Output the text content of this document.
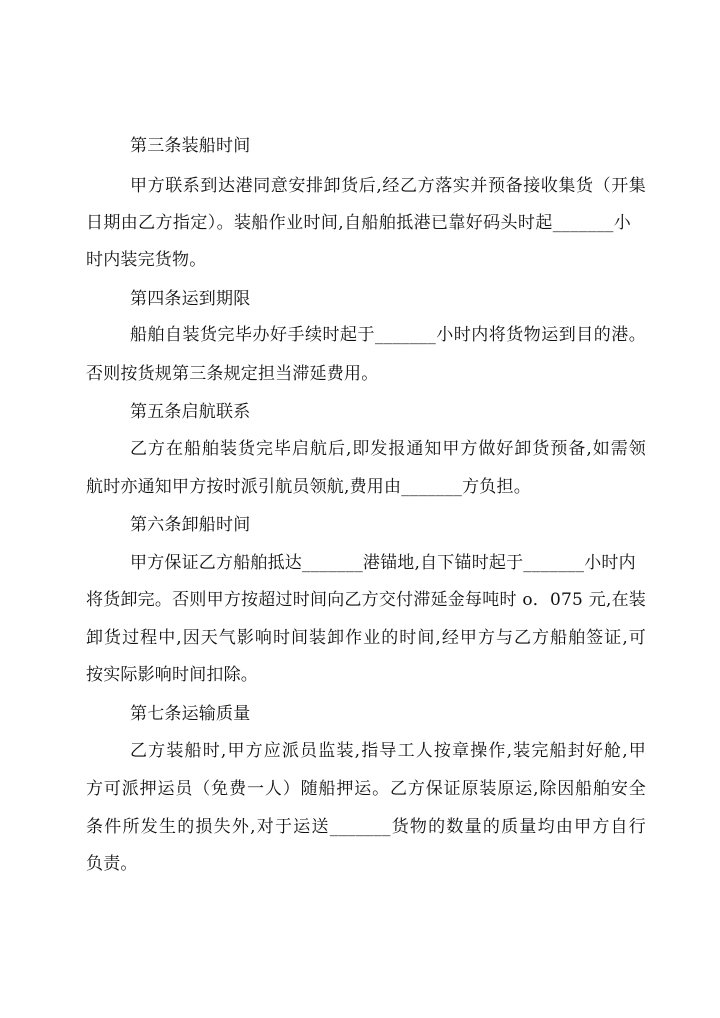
第三条装船时间
甲方联系到达港同意安排卸货后,经乙方落实并预备接收集货（开集
日期由乙方指定）。装船作业时间,自船舶抵港已靠好码头时起_______小
时内装完货物。
第四条运到期限
船舶自装货完毕办好手续时起于_______小时内将货物运到目的港。
否则按货规第三条规定担当滞延费用。
第五条启航联系
乙方在船舶装货完毕启航后,即发报通知甲方做好卸货预备,如需领
航时亦通知甲方按时派引航员领航,费用由_______方负担。
第六条卸船时间
甲方保证乙方船舶抵达_______港锚地,自下锚时起于_______小时内
将货卸完。否则甲方按超过时间向乙方交付滞延金每吨时 o．075 元,在装
卸货过程中,因天气影响时间装卸作业的时间,经甲方与乙方船舶签证,可
按实际影响时间扣除。
第七条运输质量
乙方装船时,甲方应派员监装,指导工人按章操作,装完船封好舱,甲
方可派押运员（免费一人）随船押运。乙方保证原装原运,除因船舶安全
条件所发生的损失外,对于运送_______货物的数量的质量均由甲方自行
负责。
